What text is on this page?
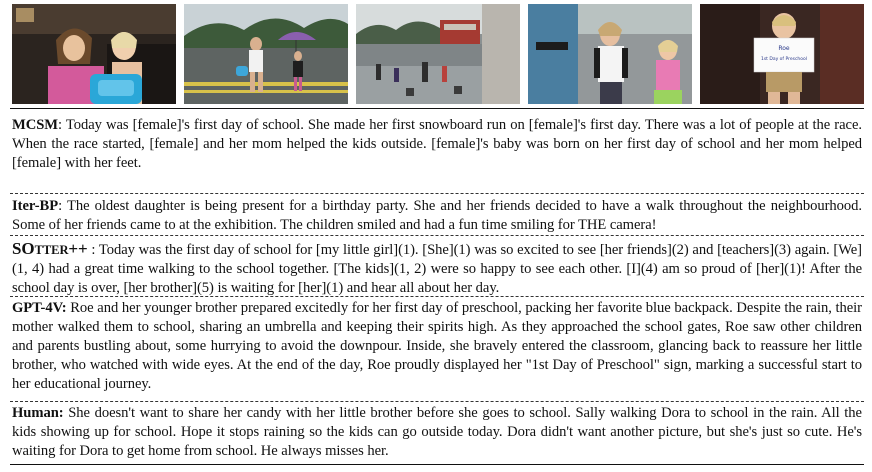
Roe
1st Day of Preschool
MCSM: Today was [female]'s first day of school. She made her first snowboard run on [female]'s first day. There was a lot of people at the race. When the race started, [female] and her mom helped the kids outside. [female]'s baby was born on her first day of school and her mom helped [female] with her feet.
Iter-BP: The oldest daughter is being present for a birthday party. She and her friends decided to have a walk throughout the neighbourhood. Some of her friends came to at the exhibition. The children smiled and had a fun time smiling for THE camera!
SOTTER++ : Today was the first day of school for [my little girl](1). [She](1) was so excited to see [her friends](2) and [teachers](3) again. [We](1, 4) had a great time walking to the school together. [The kids](1, 2) were so happy to see each other. [I](4) am so proud of [her](1)! After the school day is over, [her brother](5) is waiting for [her](1) and hear all about her day.
GPT-4V: Roe and her younger brother prepared excitedly for her first day of preschool, packing her favorite blue backpack. Despite the rain, their mother walked them to school, sharing an umbrella and keeping their spirits high. As they approached the school gates, Roe saw other children and parents bustling about, some hurrying to avoid the downpour. Inside, she bravely entered the classroom, glancing back to reassure her little brother, who watched with wide eyes. At the end of the day, Roe proudly displayed her "1st Day of Preschool" sign, marking a successful start to her educational journey.
Human: She doesn't want to share her candy with her little brother before she goes to school. Sally walking Dora to school in the rain. All the kids showing up for school. Hope it stops raining so the kids can go outside today. Dora didn't want another picture, but she's just so cute. He's waiting for Dora to get home from school. He always misses her.
